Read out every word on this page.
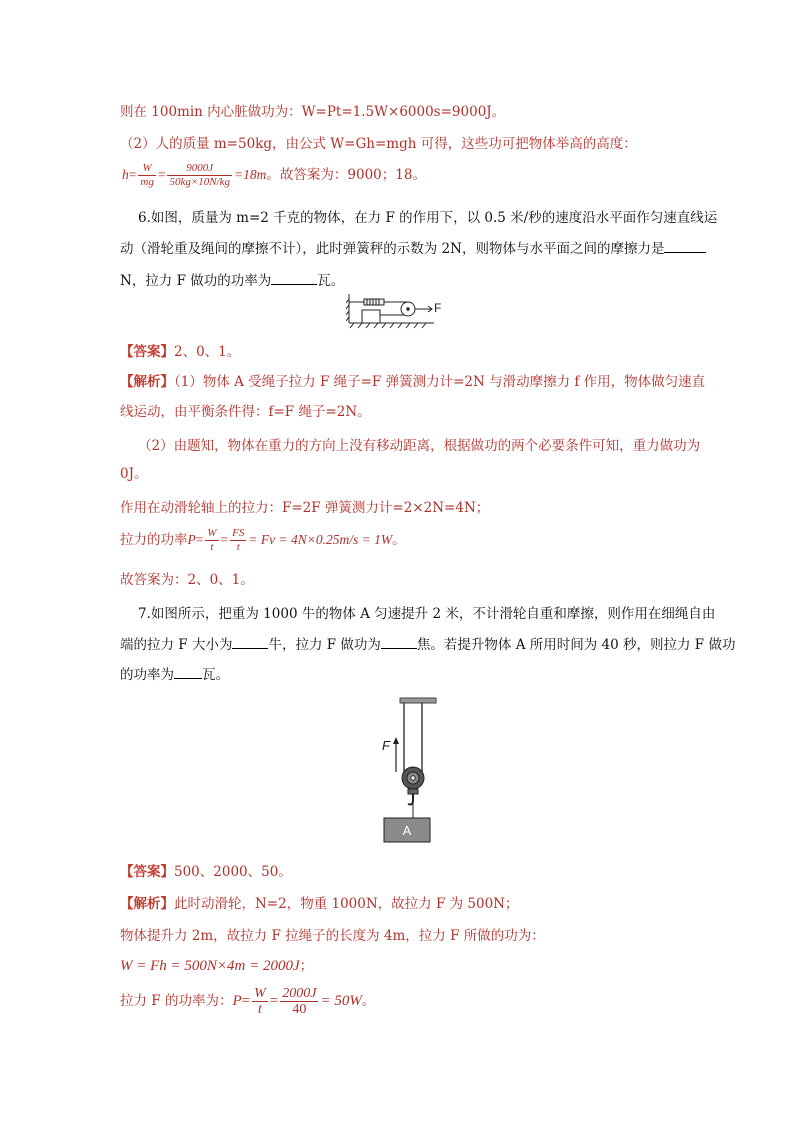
则在 100min 内心脏做功为：W=Pt=1.5W×6000s=9000J。
（2）人的质量 m=50kg，由公式 W=Gh=mgh 可得，这些功可把物体举高的高度：
$h= \frac{W}{mg} = \frac{9000J}{50kg\times 10N/kg} =18m$。故答案为：9000；18。
6.如图，质量为 m=2 千克的物体，在力 F 的作用下，以 0.5 米/秒的速度沿水平面作匀速直线运
动（滑轮重及绳间的摩擦不计），此时弹簧秤的示数为 2N，则物体与水平面之间的摩擦力是
N，拉力 F 做功的功率为	瓦。
F
【答案】2、0、1。
【解析】（1）物体 A 受绳子拉力 F 绳子=F 弹簧测力计=2N 与滑动摩擦力 f 作用，物体做匀速直
线运动，由平衡条件得：f=F 绳子=2N。
（2）由题知，物体在重力的方向上没有移动距离，根据做功的两个必要条件可知，重力做功为
0J。
作用在动滑轮轴上的拉力：F=2F 弹簧测力计=2×2N=4N；
拉力的功率$P= \frac{W}{t} = \frac{FS}{t} = Fv = 4N\times 0.25m/s = 1W$。
故答案为：2、0、1。
7.如图所示，把重为 1000 牛的物体 A 匀速提升 2 米，不计滑轮自重和摩擦，则作用在细绳自由
端的拉力 F 大小为	牛，拉力 F 做功为	焦。若提升物体 A 所用时间为 40 秒，则拉力 F 做功
的功率为 瓦。
F
A
【答案】500、2000、50。
【解析】此时动滑轮，N=2，物重 1000N，故拉力 F 为 500N；
物体提升力 2m，故拉力 F 拉绳子的长度为 4m，拉力 F 所做的功为：
W = Fh = 500N×4m = 2000J；
拉力 F 的功率为：$P= \frac{W}{t} = \frac{2000J}{40} = 50W$。
